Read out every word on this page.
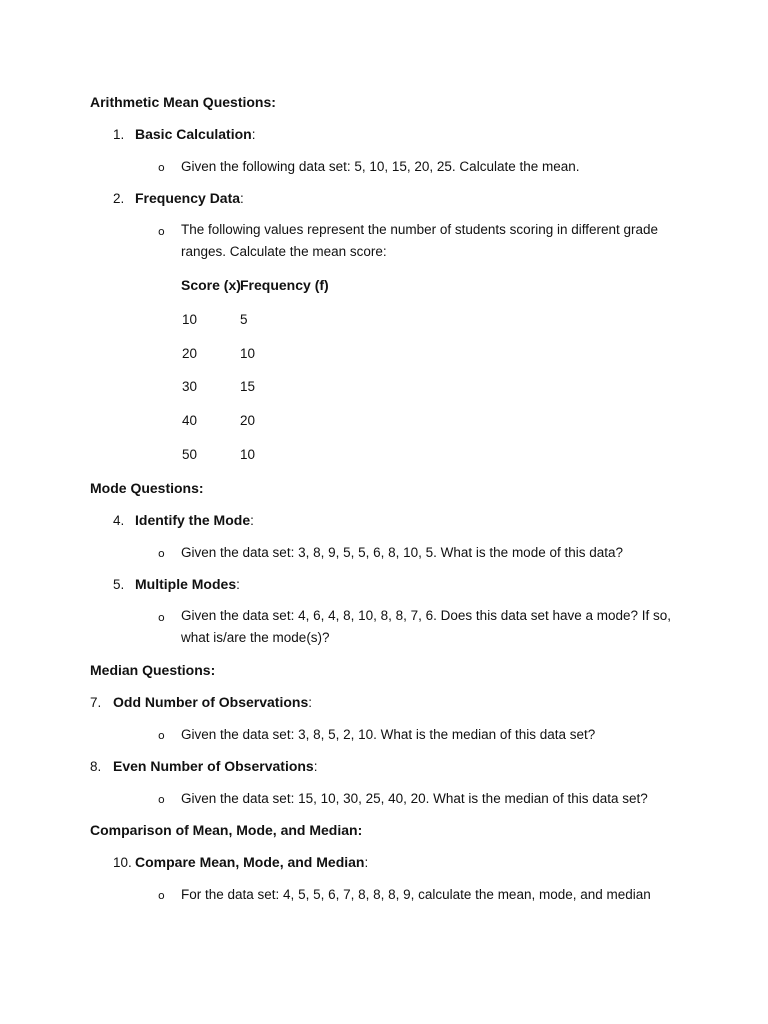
Arithmetic Mean Questions:
1. Basic Calculation:
o Given the following data set: 5, 10, 15, 20, 25. Calculate the mean.
2. Frequency Data:
o The following values represent the number of students scoring in different grade ranges. Calculate the mean score:
Score (x) Frequency (f)
10	5
20	10
30	15
40	20
50	10
Mode Questions:
4. Identify the Mode:
o Given the data set: 3, 8, 9, 5, 5, 6, 8, 10, 5. What is the mode of this data?
5. Multiple Modes:
o Given the data set: 4, 6, 4, 8, 10, 8, 8, 7, 6. Does this data set have a mode? If so, what is/are the mode(s)?
Median Questions:
7. Odd Number of Observations:
o Given the data set: 3, 8, 5, 2, 10. What is the median of this data set?
8. Even Number of Observations:
o Given the data set: 15, 10, 30, 25, 40, 20. What is the median of this data set?
Comparison of Mean, Mode, and Median:
10. Compare Mean, Mode, and Median:
o For the data set: 4, 5, 5, 6, 7, 8, 8, 8, 9, calculate the mean, mode, and median
